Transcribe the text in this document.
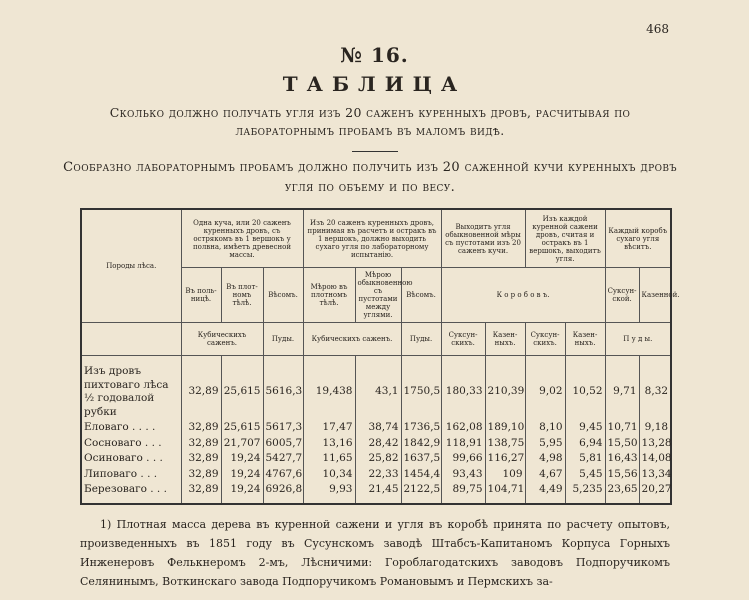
468
№ 16.
ТАБЛИЦА
Сколько должно получать угля изъ 20 саженъ куренныхъ дровъ, расчитывая по лабораторнымъ пробамъ въ маломъ видѣ.
Сообразно лабораторнымъ пробамъ должно получить изъ 20 саженной кучи куренныхъ дровъ угля по объему и по весу.
Породы лѣса.	Одна куча, или 20 саженъ куренныхъ дровъ, съ острякомъ въ 1 вершокъ у полвна, имѣетъ древесной массы.			Изъ 20 саженъ куренныхъ дровъ, принимая въ расчетъ и остракъ въ 1 вершокъ, должно выходить сухаго угля по лабораторному испытанію.			Выходитъ угля обыкновенной мѣры съ пустотами изъ 20 саженъ кучи.		Изъ каждой куренной сажени дровъ, считая и остракъ въ 1 вершокъ, выходитъ угля.		Каждый коробъ сухаго угля вѣситъ.	
	Въ поль-ницѣ.	Въ плот-номъ тѣлѣ.	Вѣсомъ.	Мѣрою въ плотномъ тѣлѣ.	Мѣрою обыкновенною съ пустотами между углями.	Вѣсомъ.	К о р о б о в ъ.				Суксун-ской.	Казенной.
	Кубическихъ саженъ.		Пуды.	Кубическихъ саженъ.		Пуды.	Суксун-скихъ.	Казен-ныхъ.	Суксун-скихъ.	Казен-ныхъ.	П у д ы.	

Изъ дровъ пихтоваго лѣса ½ годовалой рубки	32,89	25,615	5616,3	19,438	43,1	1750,5	180,33	210,39	9,02	10,52	9,71	8,32
Еловаго . . . .	32,89	25,615	5617,3	17,47	38,74	1736,5	162,08	189,10	8,10	9,45	10,71	9,18
Сосноваго . . .	32,89	21,707	6005,7	13,16	28,42	1842,9	118,91	138,75	5,95	6,94	15,50	13,28
Осиноваго . . .	32,89	19,24	5427,7	11,65	25,82	1637,5	99,66	116,27	4,98	5,81	16,43	14,08
Липоваго . . .	32,89	19,24	4767,6	10,34	22,33	1454,4	93,43	109	4,67	5,45	15,56	13,34
Березоваго . . .	32,89	19,24	6926,8	9,93	21,45	2122,5	89,75	104,71	4,49	5,235	23,65	20,27
1) Плотная масса дерева въ куренной сажени и угля въ коробѣ принята по расчету опытовъ, произведенныхъ въ 1851 году въ Сусунскомъ заводѣ Штабсъ-Капитаномъ Корпуса Горныхъ Инженеровъ Фелькнеромъ 2-мъ, Лѣсничими: Гороблагодатскихъ заводовъ Подпоручикомъ Селянинымъ, Воткинскаго завода Подпоручикомъ Романовымъ и Пермскихъ за-
